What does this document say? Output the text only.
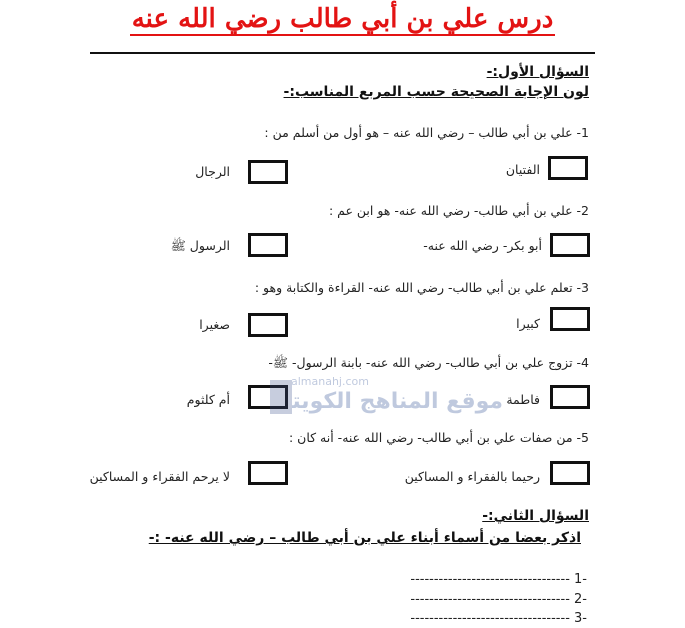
درس علي بن أبي طالب رضي الله عنه
السؤال الأول:-
لون الإجابة الصحيحة حسب المربع المناسب:-
1- علي بن أبي طالب – رضي الله عنه – هو أول من أسلم من :
الفتيان
الرجال
2- علي بن أبي طالب- رضي الله عنه- هو ابن عم :
أبو بكر- رضي الله عنه-
الرسول ﷺ
3- تعلم علي بن أبي طالب- رضي الله عنه- القراءة والكتابة وهو :
كبيرا
صغيرا
4- تزوج علي بن أبي طالب- رضي الله عنه- بابنة الرسول- ﷺ-
فاطمة
أم كلثوم
5- من صفات علي بن أبي طالب- رضي الله عنه- أنه كان :
رحيما بالفقراء و المساكين
لا يرحم الفقراء و المساكين
almanahj.com
موقع المناهج الكويتية
السؤال الثاني:-
اذكر بعضا من أسماء أبناء علي بن أبي طالب – رضي الله عنه- :-
-1 ----------------------------------
-2 ----------------------------------
-3 ----------------------------------
